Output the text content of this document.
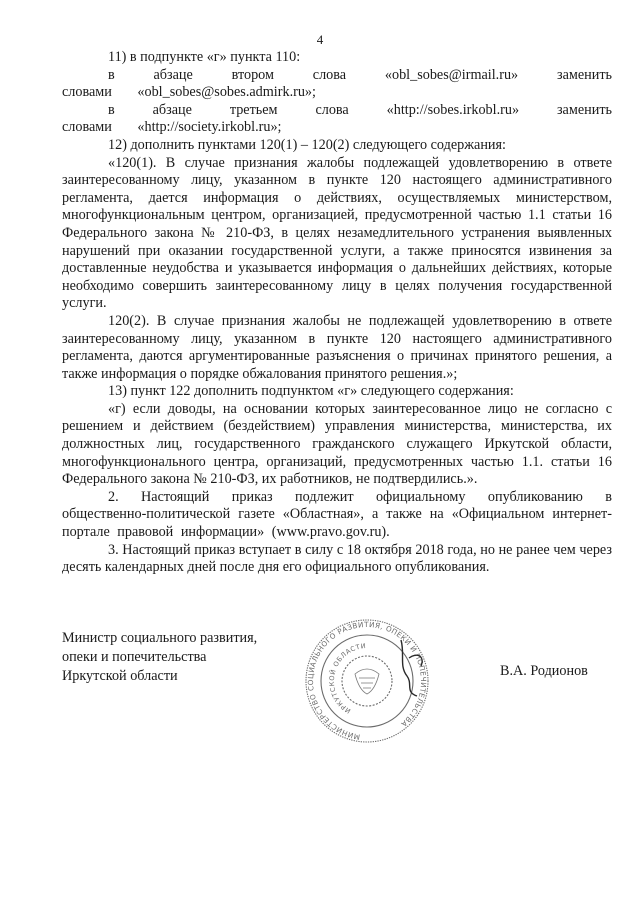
4

11) в подпункте «г» пункта 110:

в абзаце втором слова «obl_sobes@irmail.ru» заменить словами «obl_sobes@sobes.admirk.ru»;

в абзаце третьем слова «http://sobes.irkobl.ru» заменить словами «http://society.irkobl.ru»;

12) дополнить пунктами 120(1) – 120(2) следующего содержания:

«120(1). В случае признания жалобы подлежащей удовлетворению в ответе заинтересованному лицу, указанном в пункте 120 настоящего административного регламента, дается информация о действиях, осуществляемых министерством, многофункциональным центром, организацией, предусмотренной частью 1.1 статьи 16 Федерального закона № 210-ФЗ, в целях незамедлительного устранения выявленных нарушений при оказании государственной услуги, а также приносятся извинения за доставленные неудобства и указывается информация о дальнейших действиях, которые необходимо совершить заинтересованному лицу в целях получения государственной услуги.

120(2). В случае признания жалобы не подлежащей удовлетворению в ответе заинтересованному лицу, указанном в пункте 120 настоящего административного регламента, даются аргументированные разъяснения о причинах принятого решения, а также информация о порядке обжалования принятого решения.»;

13) пункт 122 дополнить подпунктом «г» следующего содержания:

«г) если доводы, на основании которых заинтересованное лицо не согласно с решением и действием (бездействием) управления министерства, министерства, их должностных лиц, государственного гражданского служащего Иркутской области, многофункционального центра, организаций, предусмотренных частью 1.1. статьи 16 Федерального закона № 210-ФЗ, их работников, не подтвердились.».

2. Настоящий приказ подлежит официальному опубликованию в общественно-политической газете «Областная», а также на «Официальном интернет-портале правовой информации» (www.pravo.gov.ru).

3. Настоящий приказ вступает в силу с 18 октября 2018 года, но не ранее чем через десять календарных дней после дня его официального опубликования.

Министр социального развития,
опеки и попечительства
Иркутской области	В.А. Родионов
МИНИСТЕРСТВО СОЦИАЛЬНОГО РАЗВИТИЯ, ОПЕКИ И ПОПЕЧИТЕЛЬСТВА
ИРКУТСКОЙ ОБЛАСТИ
